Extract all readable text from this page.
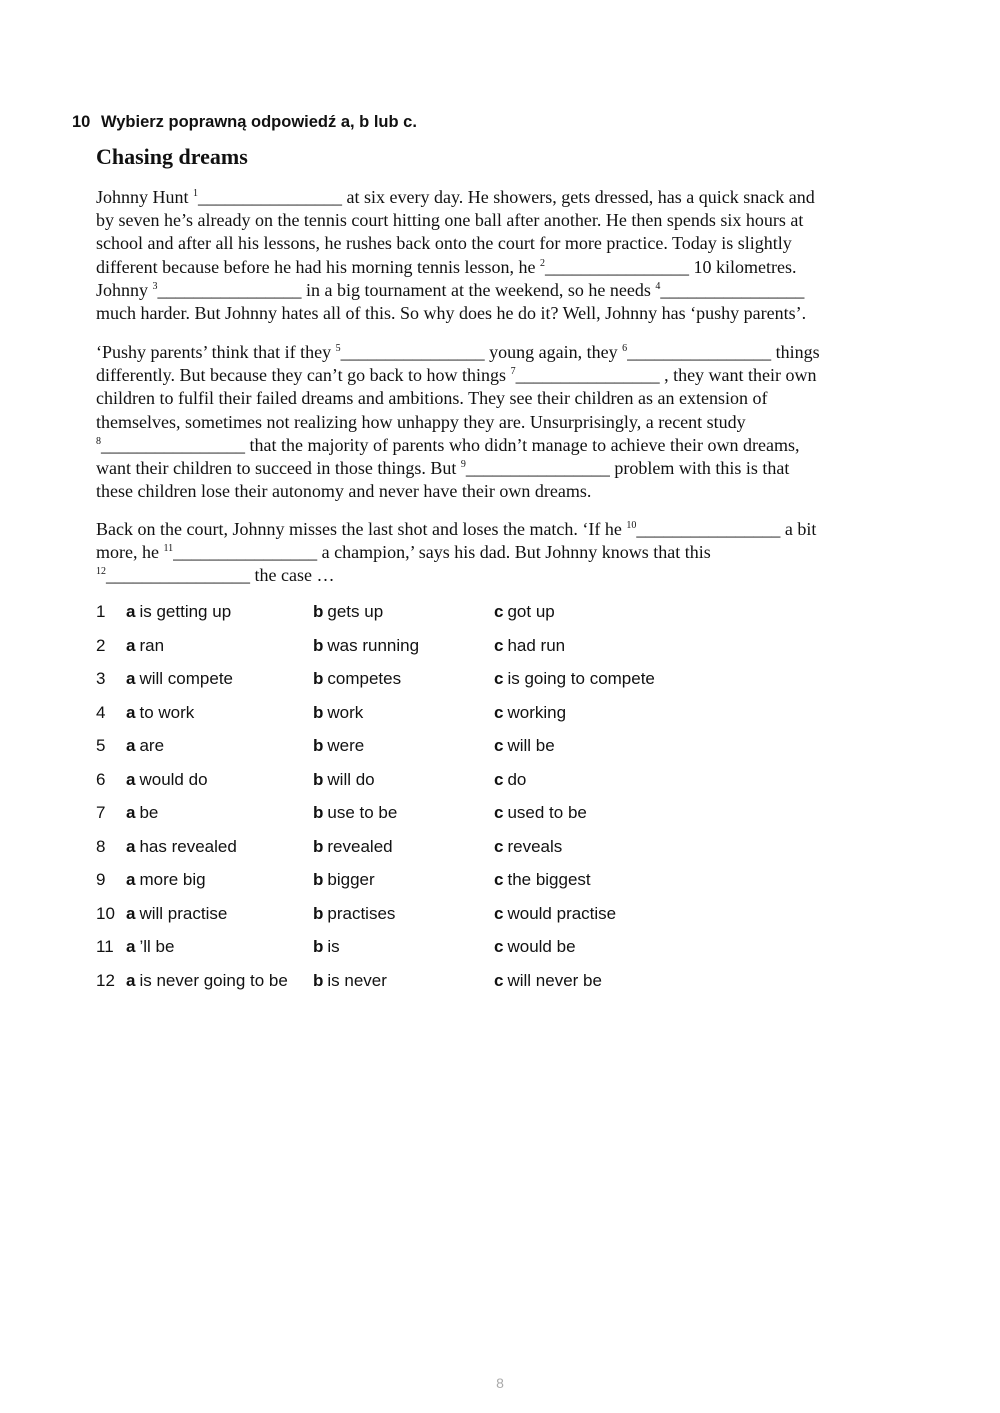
10 Wybierz poprawną odpowiedź a, b lub c.
Chasing dreams
Johnny Hunt $^1$________________ at six every day. He showers, gets dressed, has a quick snack and
by seven he’s already on the tennis court hitting one ball after another. He then spends six hours at
school and after all his lessons, he rushes back onto the court for more practice. Today is slightly
different because before he had his morning tennis lesson, he $^2$________________ 10 kilometres.
Johnny $^3$________________ in a big tournament at the weekend, so he needs $^4$________________
much harder. But Johnny hates all of this. So why does he do it? Well, Johnny has ‘pushy parents’.
‘Pushy parents’ think that if they $^5$________________ young again, they $^6$________________ things
differently. But because they can’t go back to how things $^7$________________ , they want their own
children to fulfil their failed dreams and ambitions. They see their children as an extension of
themselves, sometimes not realizing how unhappy they are. Unsurprisingly, a recent study
$^8$________________ that the majority of parents who didn’t manage to achieve their own dreams,
want their children to succeed in those things. But $^9$________________ problem with this is that
these children lose their autonomy and never have their own dreams.
Back on the court, Johnny misses the last shot and loses the match. ‘If he $^{10}$________________ a bit
more, he $^{11}$________________ a champion,’ says his dad. But Johnny knows that this
$^{12}$________________ the case …
1 a is getting up	b gets up	c got up
2 a ran	b was running	c had run
3 a will compete	b competes	c is going to compete
4 a to work	b work	c working
5 a are	b were	c will be
6 a would do	b will do	c do
7 a be	b use to be	c used to be
8 a has revealed	b revealed	c reveals
9 a more big	b bigger	c the biggest
10 a will practise	b practises	c would practise
11 a ’ll be	b is	c would be
12 a is never going to be b is never	c will never be
8
